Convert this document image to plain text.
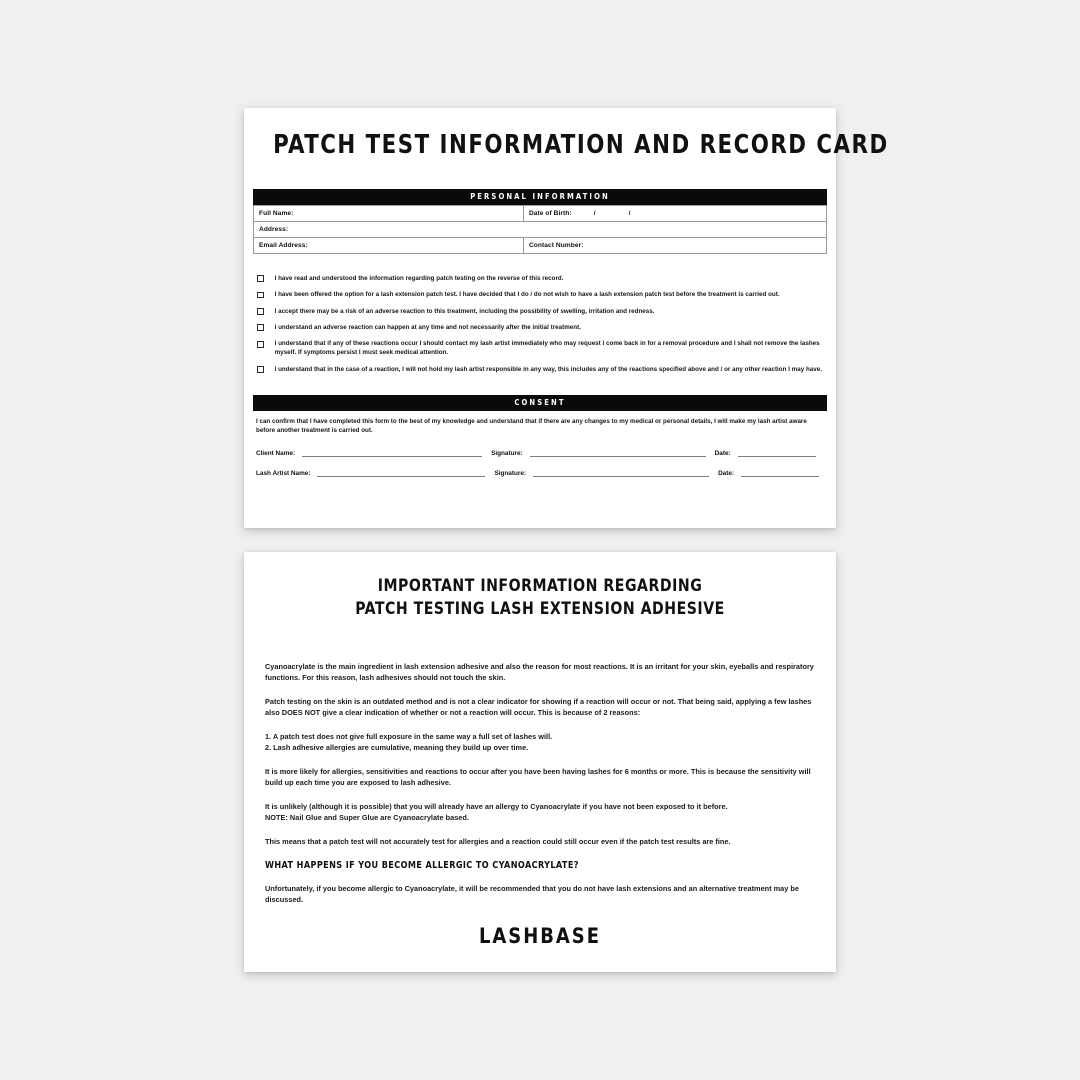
PATCH TEST INFORMATION AND RECORD CARD
PERSONAL INFORMATION
Full Name:	Date of Birth: / /
Address:	
Email Address:	Contact Number:
I have read and understood the information regarding patch testing on the reverse of this record.
I have been offered the option for a lash extension patch test. I have decided that I do / do not wish to have a lash extension patch test before the treatment is carried out.
I accept there may be a risk of an adverse reaction to this treatment, including the possibility of swelling, irritation and redness.
I understand an adverse reaction can happen at any time and not necessarily after the initial treatment.
I understand that if any of these reactions occur I should contact my lash artist immediately who may request I come back in for a removal procedure and I shall not remove the lashes myself. If symptoms persist I must seek medical attention.
I understand that in the case of a reaction, I will not hold my lash artist responsible in any way, this includes any of the reactions specified above and / or any other reaction I may have.
CONSENT
I can confirm that I have completed this form to the best of my knowledge and understand that if there are any changes to my medical or personal details, I will make my lash artist aware before another treatment is carried out.
Client Name:	Signature:	Date:
Lash Artist Name:	Signature:	Date:
IMPORTANT INFORMATION REGARDING
PATCH TESTING LASH EXTENSION ADHESIVE

Cyanoacrylate is the main ingredient in lash extension adhesive and also the reason for most reactions. It is an irritant for your skin, eyeballs and respiratory functions. For this reason, lash adhesives should not touch the skin.

Patch testing on the skin is an outdated method and is not a clear indicator for showing if a reaction will occur or not. That being said, applying a few lashes also DOES NOT give a clear indication of whether or not a reaction will occur. This is because of 2 reasons:

1. A patch test does not give full exposure in the same way a full set of lashes will.
2. Lash adhesive allergies are cumulative, meaning they build up over time.

It is more likely for allergies, sensitivities and reactions to occur after you have been having lashes for 6 months or more. This is because the sensitivity will build up each time you are exposed to lash adhesive.

It is unlikely (although it is possible) that you will already have an allergy to Cyanoacrylate if you have not been exposed to it before.
NOTE: Nail Glue and Super Glue are Cyanoacrylate based.

This means that a patch test will not accurately test for allergies and a reaction could still occur even if the patch test results are fine.

WHAT HAPPENS IF YOU BECOME ALLERGIC TO CYANOACRYLATE?

Unfortunately, if you become allergic to Cyanoacrylate, it will be recommended that you do not have lash extensions and an alternative treatment may be discussed.

LASHBASE
